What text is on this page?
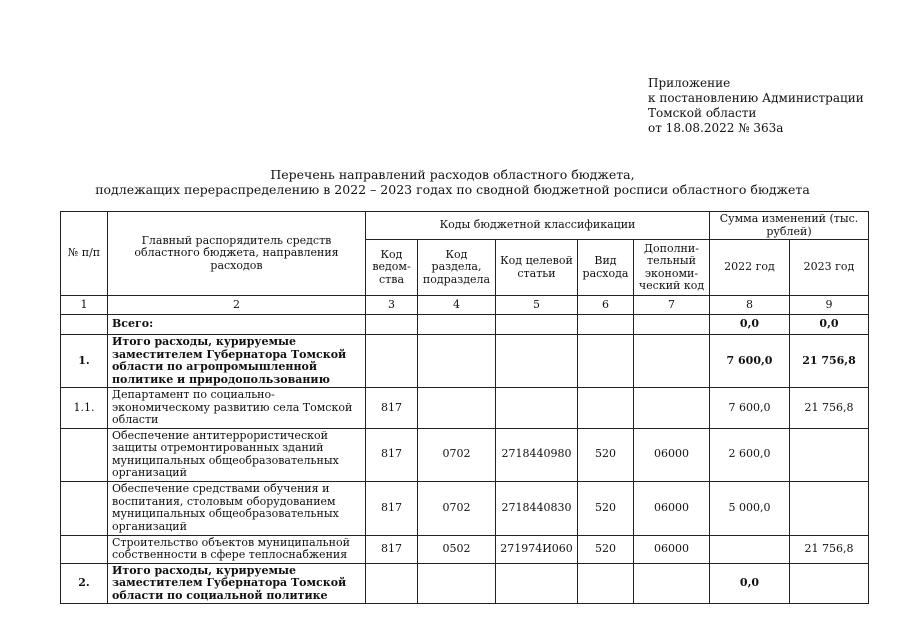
Приложение
к постановлению Администрации
Томской области
от 18.08.2022 № 363а
Перечень направлений расходов областного бюджета,
подлежащих перераспределению в 2022 – 2023 годах по сводной бюджетной росписи областного бюджета
№ п/п	Главный распорядитель средств областного бюджета, направления расходов	Коды бюджетной классификации					Сумма изменений (тыс. рублей)	
		Код ведом-ства	Код раздела, подраздела	Код целевой статьи	Вид расхода	Дополни-тельный экономи-ческий код	2022 год	2023 год
1	2	3	4	5	6	7	8	9
	Всего:						0,0	0,0
1.	Итого расходы, курируемые заместителем Губернатора Томской области по агропромышленной политике и природопользованию						7 600,0	21 756,8
1.1.	Департамент по социально-экономическому развитию села Томской области	817					7 600,0	21 756,8
	Обеспечение антитеррористической защиты отремонтированных зданий муниципальных общеобразовательных организаций	817	0702	2718440980	520	06000	2 600,0	
	Обеспечение средствами обучения и воспитания, столовым оборудованием муниципальных общеобразовательных организаций	817	0702	2718440830	520	06000	5 000,0	
	Строительство объектов муниципальной собственности в сфере теплоснабжения	817	0502	271974И060	520	06000		21 756,8
2.	Итого расходы, курируемые заместителем Губернатора Томской области по социальной политике						0,0	
